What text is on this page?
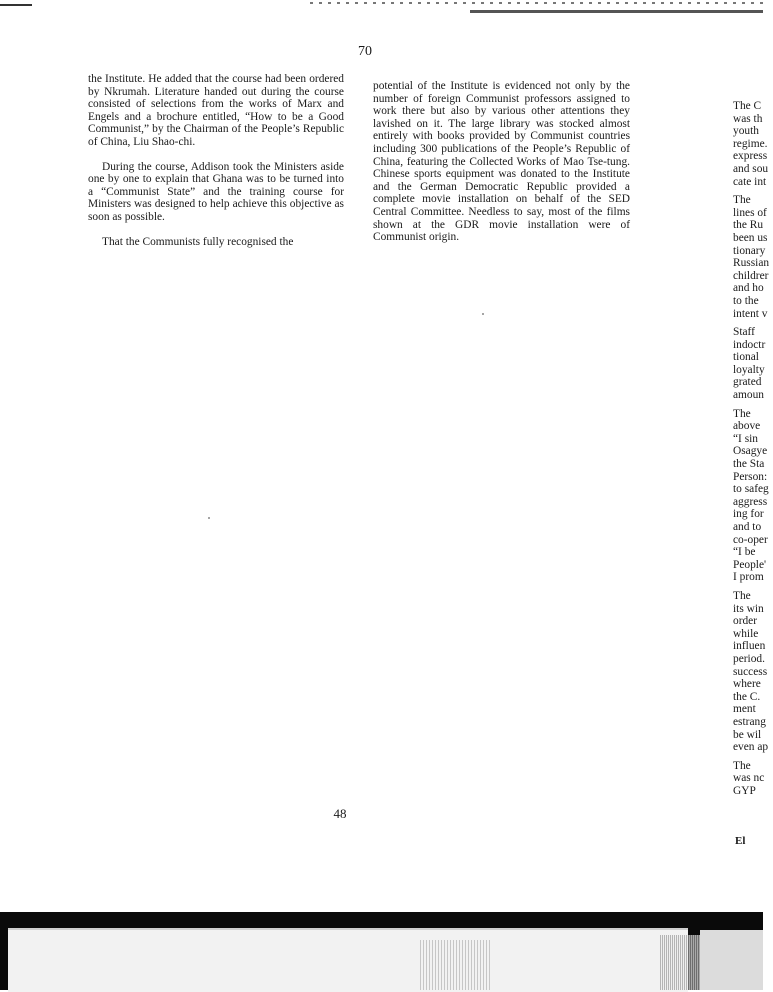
70

the Institute. He added that the course had been ordered by Nkrumah. Literature handed out during the course consisted of selections from the works of Marx and Engels and a brochure entitled, “How to be a Good Communist,” by the Chairman of the People’s Republic of China, Liu Shao-chi.

During the course, Addison took the Ministers aside one by one to explain that Ghana was to be turned into a “Communist State” and the training course for Ministers was designed to help achieve this objective as soon as possible.

That the Communists fully recognised the

potential of the Institute is evidenced not only by the number of foreign Communist professors assigned to work there but also by various other attentions they lavished on it. The large library was stocked almost entirely with books provided by Communist countries including 300 publications of the People’s Republic of China, featuring the Collected Works of Mao Tse-tung. Chinese sports equipment was donated to the Institute and the German Democratic Republic provided a complete movie installation on behalf of the SED Central Committee. Needless to say, most of the films shown at the GDR movie installation were of Communist origin.

The C
was th
youth
regime.
express
and sou
cate int
The
lines of
the Ru
been us
tionary
Russian
childrer
and ho
to the
intent v
Staff
indoctr
tional
loyalty
grated
amoun
The
above
“I sin
Osagye
the Sta
Person:
to safeg
aggress
ing for
and to
co-oper
“I be
People'
I prom
The
its win
order
while
influen
period.
success
where
the C.
ment
estrang
be wil
even ap
The
was nc
GYP
48
El
